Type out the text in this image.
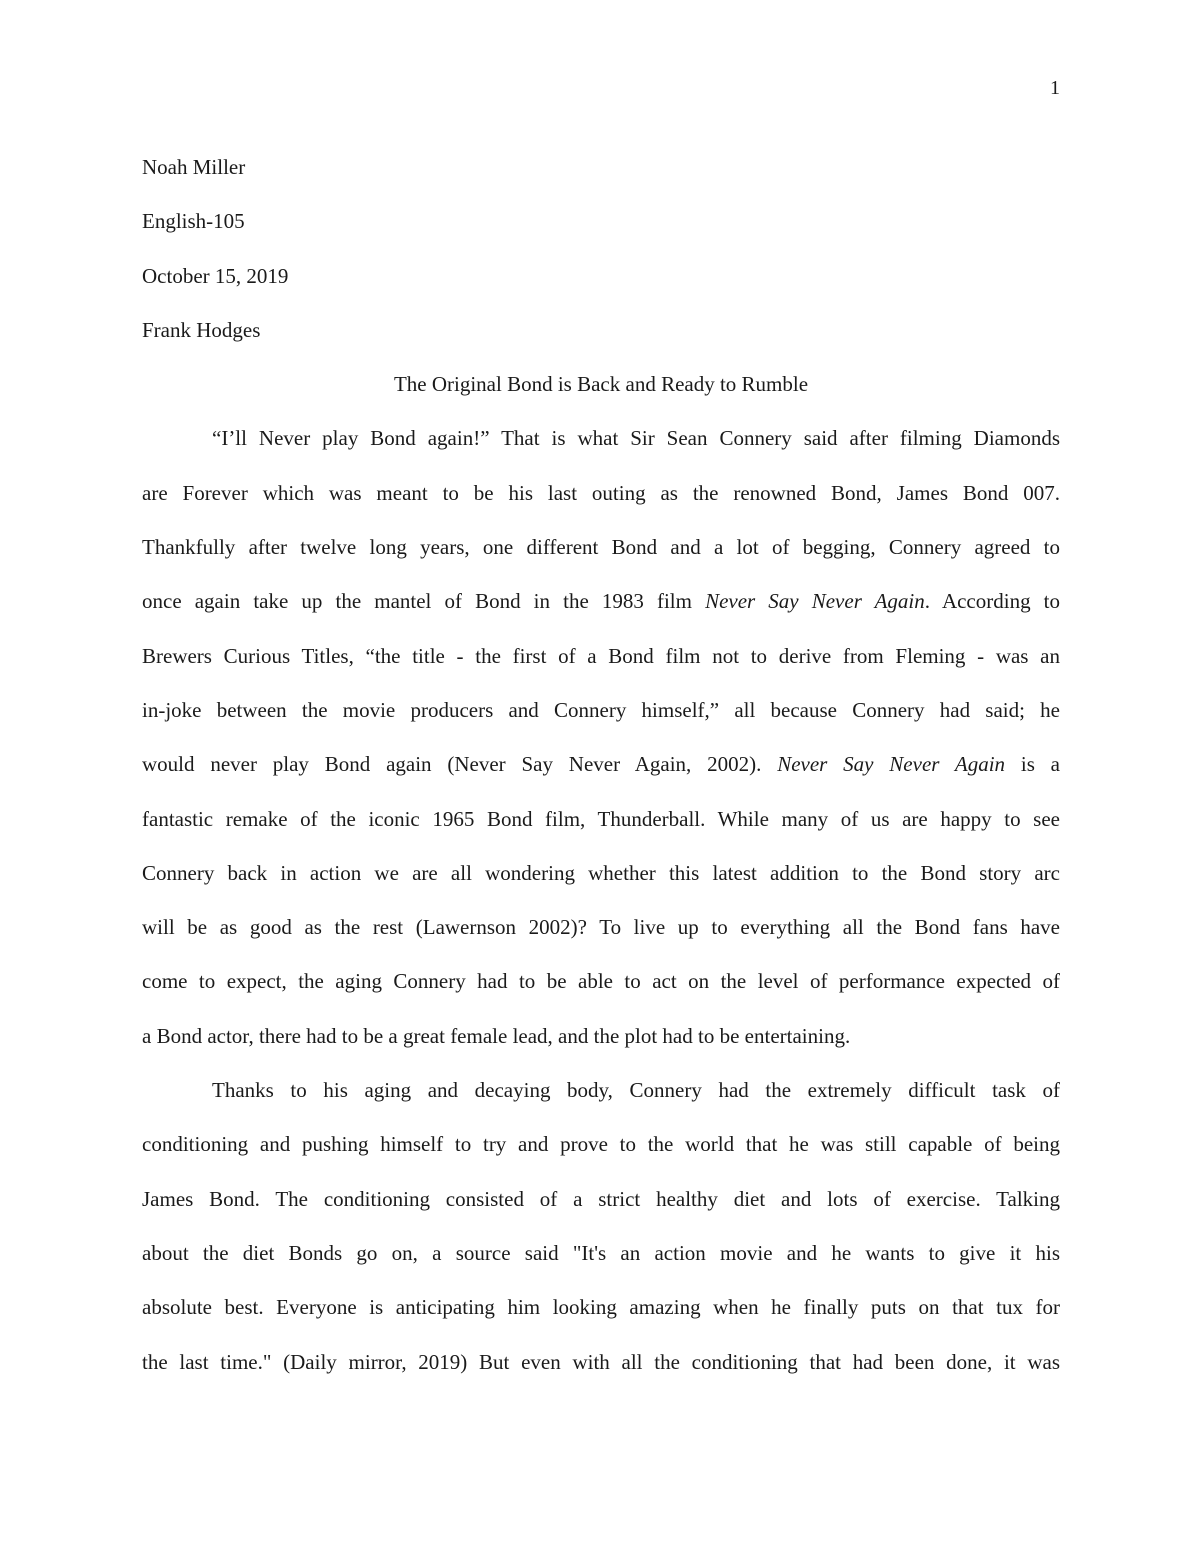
1
Noah Miller
English-105
October 15, 2019
Frank Hodges
The Original Bond is Back and Ready to Rumble
“I’ll Never play Bond again!” That is what Sir Sean Connery said after filming Diamonds
are Forever which was meant to be his last outing as the renowned Bond, James Bond 007.
Thankfully after twelve long years, one different Bond and a lot of begging, Connery agreed to
once again take up the mantel of Bond in the 1983 film Never Say Never Again. According to
Brewers Curious Titles, “the title - the first of a Bond film not to derive from Fleming - was an
in-joke between the movie producers and Connery himself,” all because Connery had said; he
would never play Bond again (Never Say Never Again, 2002). Never Say Never Again is a
fantastic remake of the iconic 1965 Bond film, Thunderball. While many of us are happy to see
Connery back in action we are all wondering whether this latest addition to the Bond story arc
will be as good as the rest (Lawernson 2002)? To live up to everything all the Bond fans have
come to expect, the aging Connery had to be able to act on the level of performance expected of
a Bond actor, there had to be a great female lead, and the plot had to be entertaining.
Thanks to his aging and decaying body, Connery had the extremely difficult task of
conditioning and pushing himself to try and prove to the world that he was still capable of being
James Bond. The conditioning consisted of a strict healthy diet and lots of exercise. Talking
about the diet Bonds go on, a source said "It's an action movie and he wants to give it his
absolute best. Everyone is anticipating him looking amazing when he finally puts on that tux for
the last time." (Daily mirror, 2019) But even with all the conditioning that had been done, it was
